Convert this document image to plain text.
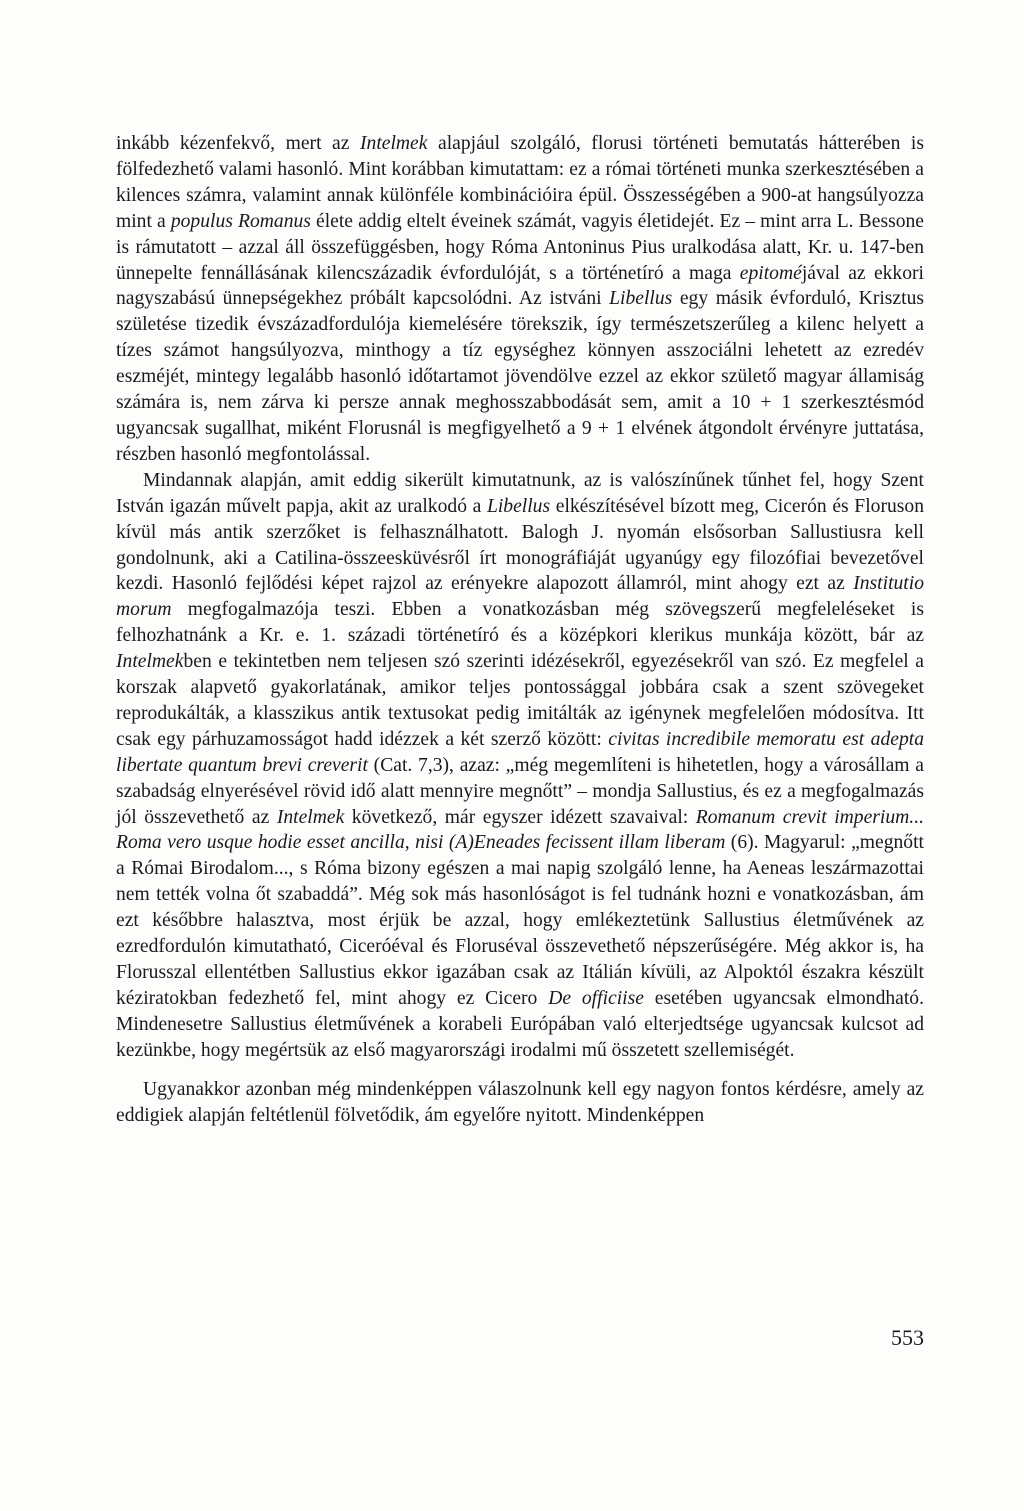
inkább kézenfekvő, mert az Intelmek alapjául szolgáló, florusi történeti bemutatás hátterében is fölfedezhető valami hasonló. Mint korábban kimutattam: ez a római történeti munka szerkesztésében a kilences számra, valamint annak különféle kombinációira épül. Összességében a 900-at hangsúlyozza mint a populus Romanus élete addig eltelt éveinek számát, vagyis életidejét. Ez – mint arra L. Bessone is rámutatott – azzal áll összefüggésben, hogy Róma Antoninus Pius uralkodása alatt, Kr. u. 147-ben ünnepelte fennállásának kilencszázadik évfordulóját, s a történetíró a maga epitoméjával az ekkori nagyszabású ünnepségekhez próbált kapcsolódni. Az istváni Libellus egy másik évforduló, Krisztus születése tizedik évszázadfordulója kiemelésére törekszik, így természetszerűleg a kilenc helyett a tízes számot hangsúlyozva, minthogy a tíz egységhez könnyen asszociálni lehetett az ezredév eszméjét, mintegy legalább hasonló időtartamot jövendölve ezzel az ekkor születő magyar államiság számára is, nem zárva ki persze annak meghosszabbodását sem, amit a 10 + 1 szerkesztésmód ugyancsak sugallhat, miként Florusnál is megfigyelhető a 9 + 1 elvének átgondolt érvényre juttatása, részben hasonló megfontolással.

Mindannak alapján, amit eddig sikerült kimutatnunk, az is valószínűnek tűnhet fel, hogy Szent István igazán művelt papja, akit az uralkodó a Libellus elkészítésével bízott meg, Cicerón és Floruson kívül más antik szerzőket is felhasználhatott. Balogh J. nyomán elsősorban Sallustiusra kell gondolnunk, aki a Catilina-összeesküvésről írt monográfiáját ugyanúgy egy filozófiai bevezetővel kezdi. Hasonló fejlődési képet rajzol az erényekre alapozott államról, mint ahogy ezt az Institutio morum megfogalmazója teszi. Ebben a vonatkozásban még szövegszerű megfeleléseket is felhozhatnánk a Kr. e. 1. századi történetíró és a középkori klerikus munkája között, bár az Intelmekben e tekintetben nem teljesen szó szerinti idézésekről, egyezésekről van szó. Ez megfelel a korszak alapvető gyakorlatának, amikor teljes pontossággal jobbára csak a szent szövegeket reprodukálták, a klasszikus antik textusokat pedig imitálták az igénynek megfelelően módosítva. Itt csak egy párhuzamosságot hadd idézzek a két szerző között: civitas incredibile memoratu est adepta libertate quantum brevi creverit (Cat. 7,3), azaz: „még megemlíteni is hihetetlen, hogy a városállam a szabadság elnyerésével rövid idő alatt mennyire megnőtt” – mondja Sallustius, és ez a megfogalmazás jól összevethető az Intelmek következő, már egyszer idézett szavaival: Romanum crevit imperium... Roma vero usque hodie esset ancilla, nisi (A)Eneades fecissent illam liberam (6). Magyarul: „megnőtt a Római Birodalom..., s Róma bizony egészen a mai napig szolgáló lenne, ha Aeneas leszármazottai nem tették volna őt szabaddá”. Még sok más hasonlóságot is fel tudnánk hozni e vonatkozásban, ám ezt későbbre halasztva, most érjük be azzal, hogy emlékeztetünk Sallustius életművének az ezredfordulón kimutatható, Ciceróéval és Floruséval összevethető népszerűségére. Még akkor is, ha Florusszal ellentétben Sallustius ekkor igazában csak az Itálián kívüli, az Alpoktól északra készült kéziratokban fedezhető fel, mint ahogy ez Cicero De officiise esetében ugyancsak elmondható. Mindenesetre Sallustius életművének a korabeli Európában való elterjedtsége ugyancsak kulcsot ad kezünkbe, hogy megértsük az első magyarországi irodalmi mű összetett szellemiségét.

Ugyanakkor azonban még mindenképpen válaszolnunk kell egy nagyon fontos kérdésre, amely az eddigiek alapján feltétlenül fölvetődik, ám egyelőre nyitott. Mindenképpen

553
